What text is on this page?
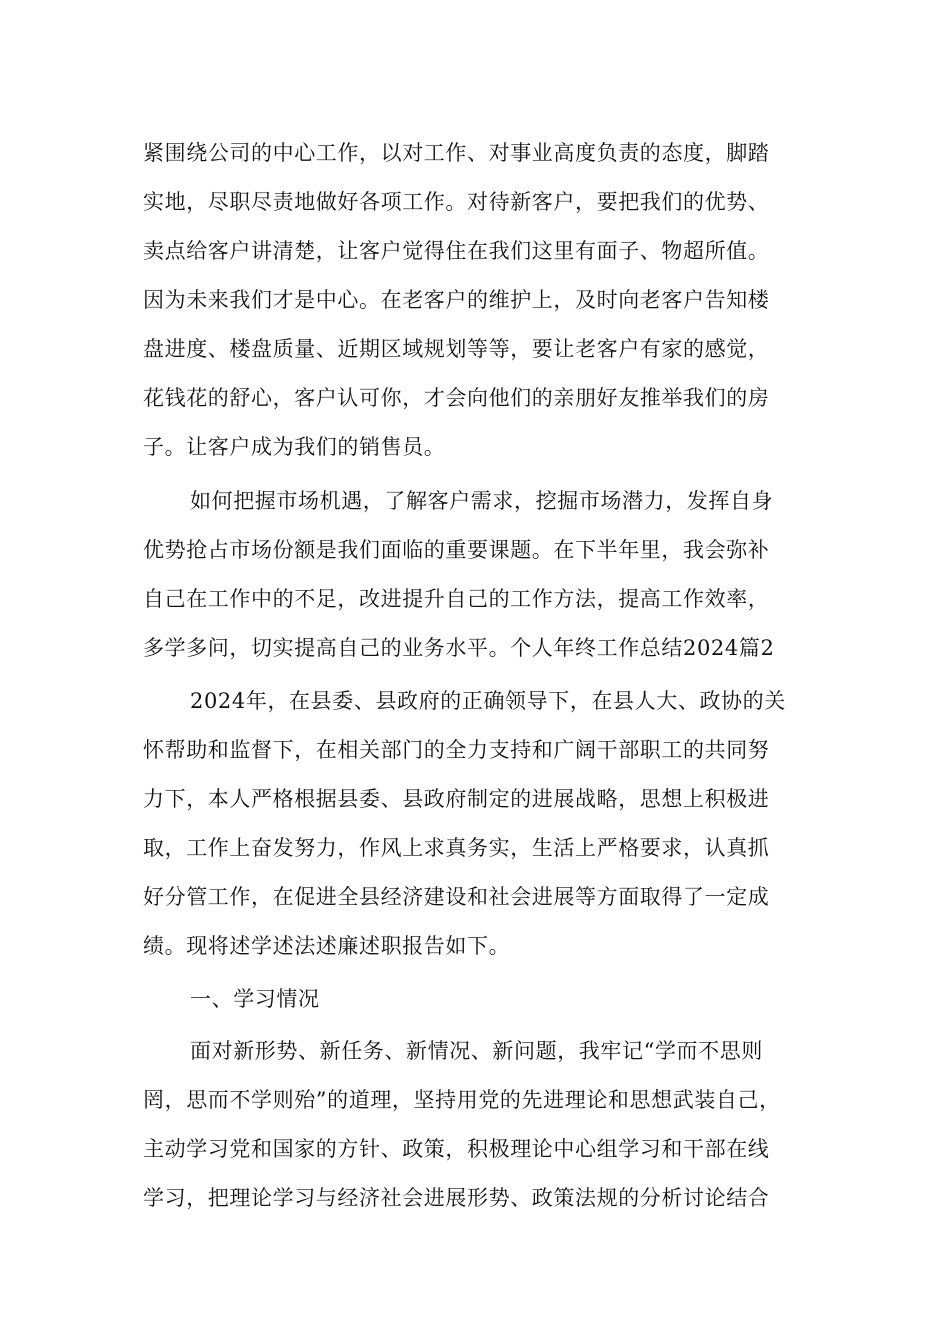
紧围绕公司的中心工作，以对工作、对事业高度负责的态度，脚踏
实地，尽职尽责地做好各项工作。对待新客户，要把我们的优势、
卖点给客户讲清楚，让客户觉得住在我们这里有面子、物超所值。
因为未来我们才是中心。在老客户的维护上，及时向老客户告知楼
盘进度、楼盘质量、近期区域规划等等，要让老客户有家的感觉，
花钱花的舒心，客户认可你，才会向他们的亲朋好友推举我们的房
子。让客户成为我们的销售员。
如何把握市场机遇，了解客户需求，挖掘市场潜力，发挥自身
优势抢占市场份额是我们面临的重要课题。在下半年里，我会弥补
自己在工作中的不足，改进提升自己的工作方法，提高工作效率，
多学多问，切实提高自己的业务水平。个人年终工作总结2024篇2
2024年，在县委、县政府的正确领导下，在县人大、政协的关
怀帮助和监督下，在相关部门的全力支持和广阔干部职工的共同努
力下，本人严格根据县委、县政府制定的进展战略，思想上积极进
取，工作上奋发努力，作风上求真务实，生活上严格要求，认真抓
好分管工作，在促进全县经济建设和社会进展等方面取得了一定成
绩。现将述学述法述廉述职报告如下。
一、学习情况
面对新形势、新任务、新情况、新问题，我牢记“学而不思则
罔，思而不学则殆”的道理，坚持用党的先进理论和思想武装自己，
主动学习党和国家的方针、政策，积极理论中心组学习和干部在线
学习，把理论学习与经济社会进展形势、政策法规的分析讨论结合
